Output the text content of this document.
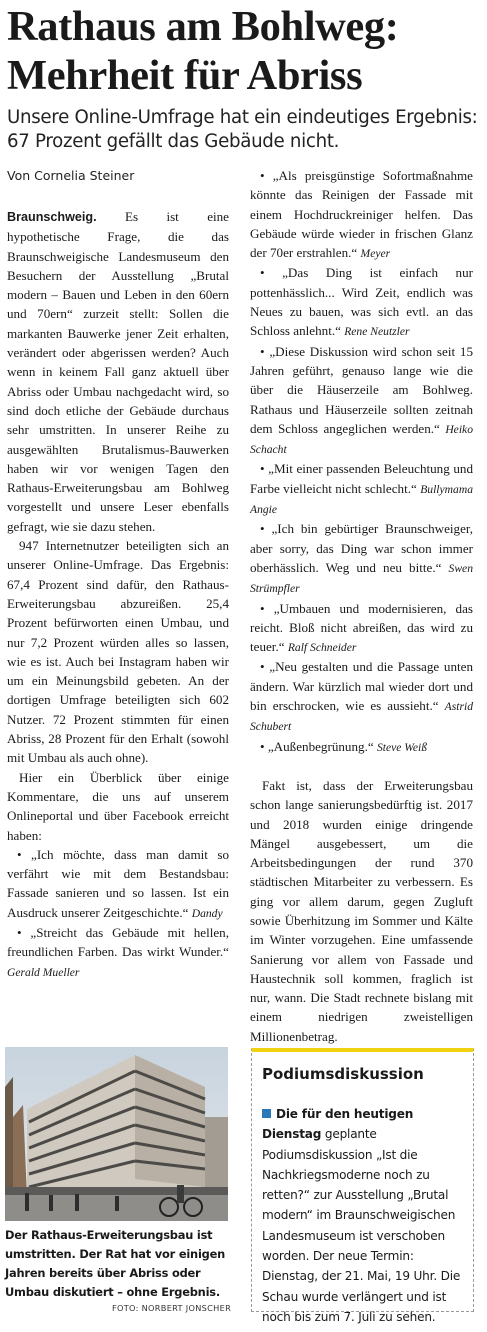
Rathaus am Bohlweg:
Mehrheit für Abriss

Unsere Online-Umfrage hat ein eindeutiges Ergebnis: 67 Prozent gefällt das Gebäude nicht.

Von Cornelia Steiner

Braunschweig. Es ist eine hypothetische Frage, die das Braunschweigische Landesmuseum den Besuchern der Ausstellung „Brutal modern – Bauen und Leben in den 60ern und 70ern“ zurzeit stellt: Sollen die markanten Bauwerke jener Zeit erhalten, verändert oder abgerissen werden? Auch wenn in keinem Fall ganz aktuell über Abriss oder Umbau nachgedacht wird, so sind doch etliche der Gebäude durchaus sehr umstritten. In unserer Reihe zu ausgewählten Brutalismus-Bauwerken haben wir vor wenigen Tagen den Rathaus-Erweiterungsbau am Bohlweg vorgestellt und unsere Leser ebenfalls gefragt, wie sie dazu stehen.

947 Internetnutzer beteiligten sich an unserer Online-Umfrage. Das Ergebnis: 67,4 Prozent sind dafür, den Rathaus-Erweiterungsbau abzureißen. 25,4 Prozent befürworten einen Umbau, und nur 7,2 Prozent würden alles so lassen, wie es ist. Auch bei Instagram haben wir um ein Meinungsbild gebeten. An der dortigen Umfrage beteiligten sich 602 Nutzer. 72 Prozent stimmten für einen Abriss, 28 Prozent für den Erhalt (sowohl mit Umbau als auch ohne).

Hier ein Überblick über einige Kommentare, die uns auf unserem Onlineportal und über Facebook erreicht haben:

• „Ich möchte, dass man damit so verfährt wie mit dem Bestandsbau: Fassade sanieren und so lassen. Ist ein Ausdruck unserer Zeitgeschichte.“ Dandy

• „Streicht das Gebäude mit hellen, freundlichen Farben. Das wirkt Wunder.“ Gerald Mueller

• „Als preisgünstige Sofortmaßnahme könnte das Reinigen der Fassade mit einem Hochdruckreiniger helfen. Das Gebäude würde wieder in frischen Glanz der 70er erstrahlen.“ Meyer

• „Das Ding ist einfach nur pottenhässlich... Wird Zeit, endlich was Neues zu bauen, was sich evtl. an das Schloss anlehnt.“ Rene Neutzler

• „Diese Diskussion wird schon seit 15 Jahren geführt, genauso lange wie die über die Häuserzeile am Bohlweg. Rathaus und Häuserzeile sollten zeitnah dem Schloss angeglichen werden.“ Heiko Schacht

• „Mit einer passenden Beleuchtung und Farbe vielleicht nicht schlecht.“ Bullymama Angie

• „Ich bin gebürtiger Braunschweiger, aber sorry, das Ding war schon immer oberhässlich. Weg und neu bitte.“ Swen Strümpfler

• „Umbauen und modernisieren, das reicht. Bloß nicht abreißen, das wird zu teuer.“ Ralf Schneider

• „Neu gestalten und die Passage unten ändern. War kürzlich mal wieder dort und bin erschrocken, wie es aussieht.“ Astrid Schubert

• „Außenbegrünung.“ Steve Weiß

Fakt ist, dass der Erweiterungsbau schon lange sanierungsbedürftig ist. 2017 und 2018 wurden einige dringende Mängel ausgebessert, um die Arbeitsbedingungen der rund 370 städtischen Mitarbeiter zu verbessern. Es ging vor allem darum, gegen Zugluft sowie Überhitzung im Sommer und Kälte im Winter vorzugehen. Eine umfassende Sanierung vor allem von Fassade und Haustechnik soll kommen, fraglich ist nur, wann. Die Stadt rechnete bislang mit einem niedrigen zweistelligen Millionenbetrag.

Der Rathaus-Erweiterungsbau ist umstritten. Der Rat hat vor einigen Jahren bereits über Abriss oder Umbau diskutiert – ohne Ergebnis.

FOTO: NORBERT JONSCHER
Podiumsdiskussion

Die für den heutigen Dienstag geplante Podiumsdiskussion „Ist die Nachkriegsmoderne noch zu retten?“ zur Ausstellung „Brutal modern“ im Braunschweigischen Landesmuseum ist verschoben worden. Der neue Termin: Dienstag, der 21. Mai, 19 Uhr. Die Schau wurde verlängert und ist noch bis zum 7. Juli zu sehen.
